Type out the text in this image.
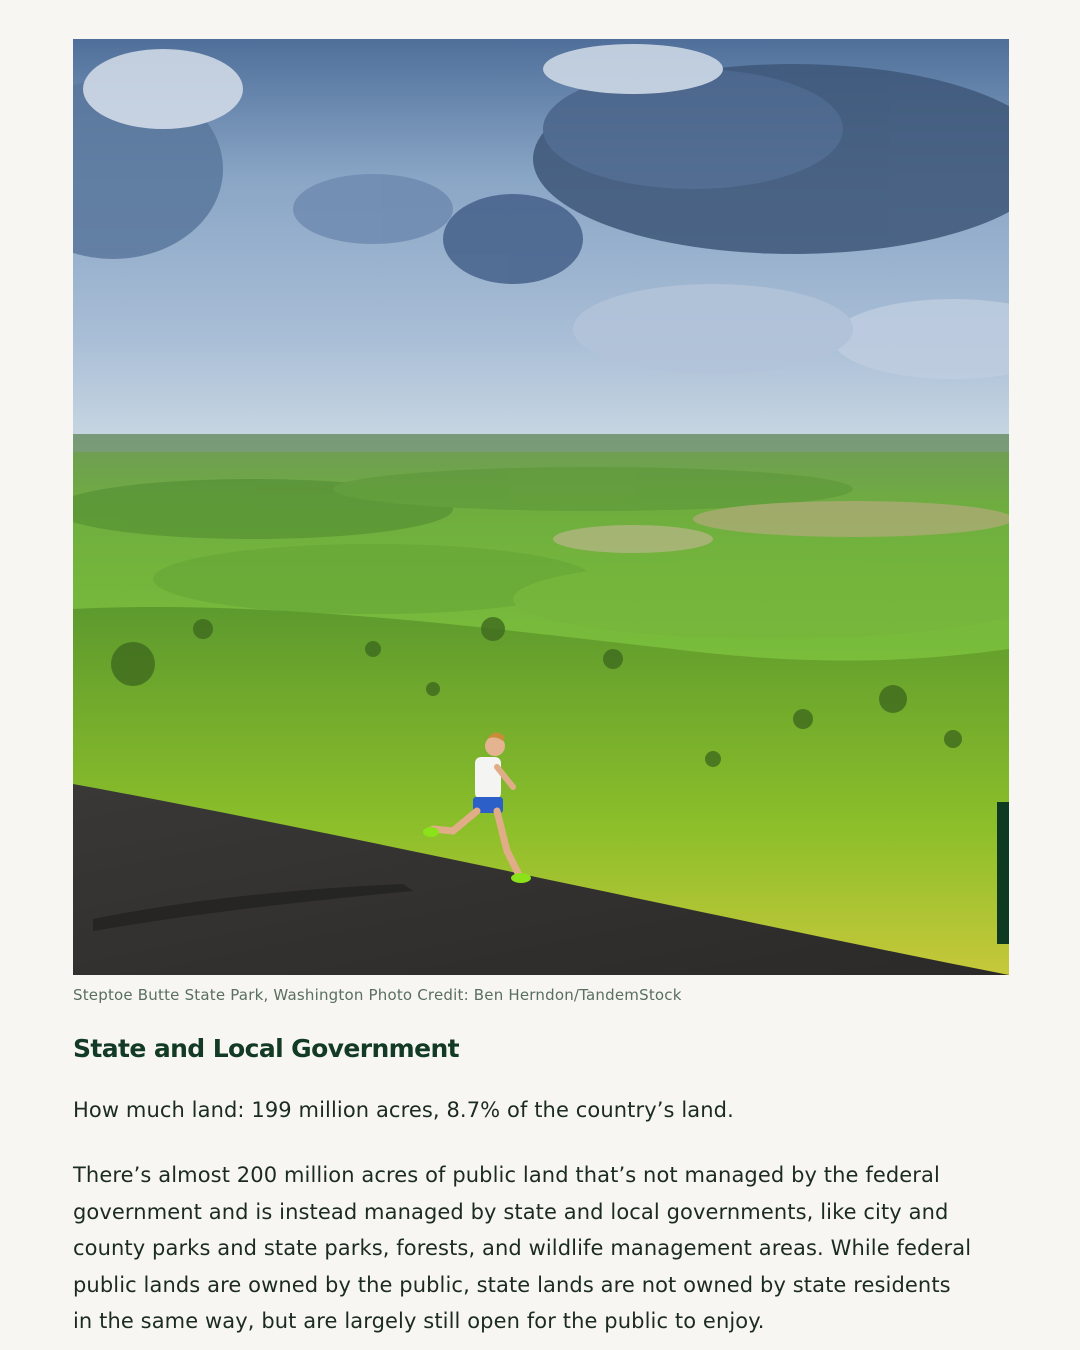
Steptoe Butte State Park, Washington Photo Credit: Ben Herndon/TandemStock
State and Local Government

How much land: 199 million acres, 8.7% of the country’s land.

There’s almost 200 million acres of public land that’s not managed by the federal
government and is instead managed by state and local governments, like city and
county parks and state parks, forests, and wildlife management areas. While federal
public lands are owned by the public, state lands are not owned by state residents
in the same way, but are largely still open for the public to enjoy.
